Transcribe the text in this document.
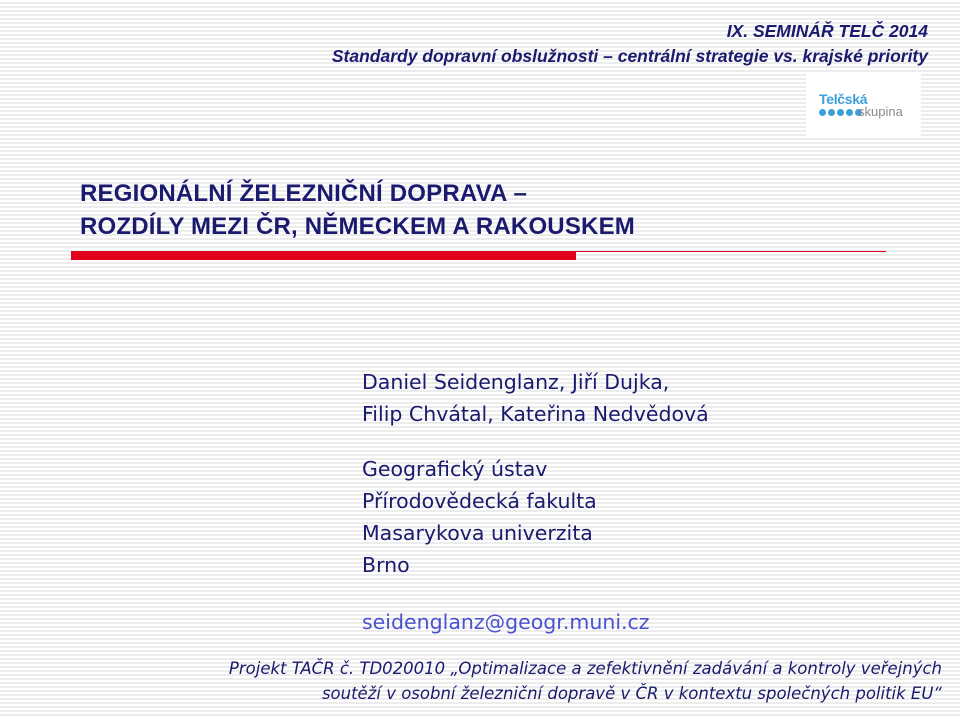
IX. SEMINÁŘ TELČ 2014

Standardy dopravní obslužnosti – centrální strategie vs. krajské priority

Telčská
skupina
REGIONÁLNÍ ŽELEZNIČNÍ DOPRAVA –
ROZDÍLY MEZI ČR, NĚMECKEM A RAKOUSKEM

Daniel Seidenglanz, Jiří Dujka,

Filip Chvátal, Kateřina Nedvědová

Geografický ústav

Přírodovědecká fakulta

Masarykova univerzita

Brno

seidenglanz@geogr.muni.cz

Projekt TAČR č. TD020010 „Optimalizace a zefektivnění zadávání a kontroly veřejných

soutěží v osobní železniční dopravě v ČR v kontextu společných politik EU“
